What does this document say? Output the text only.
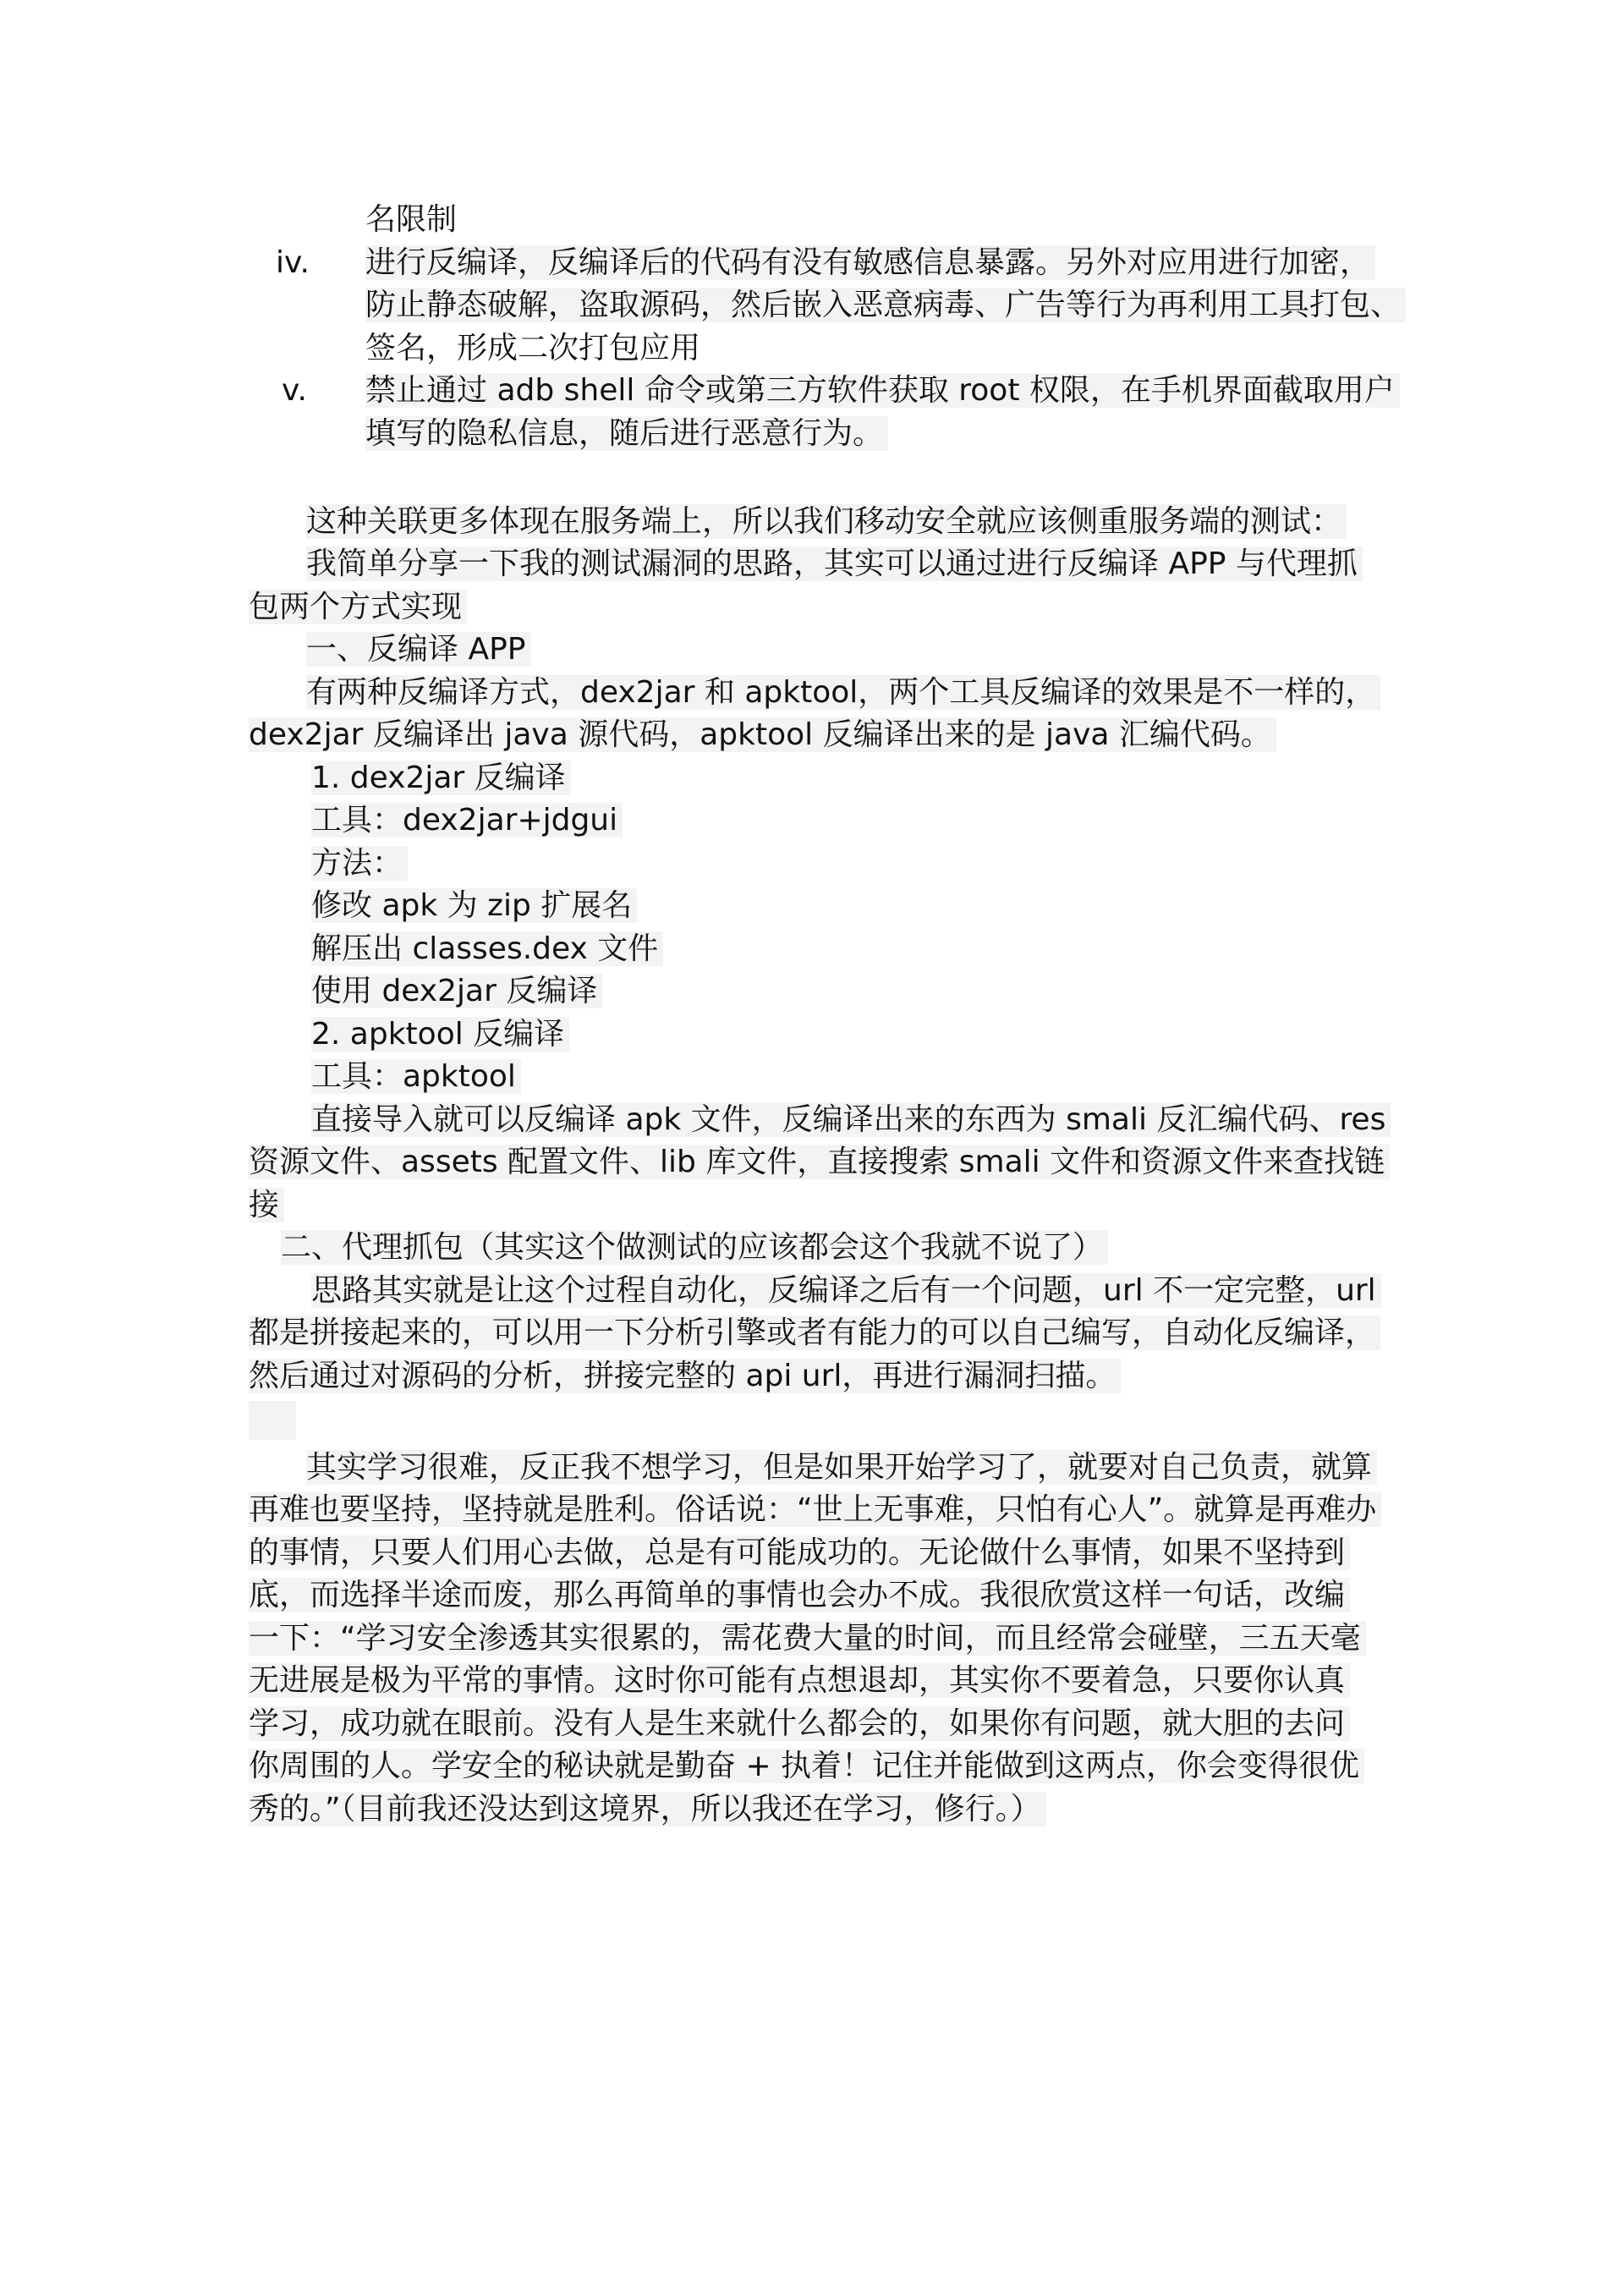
名限制
iv. 进行反编译，反编译后的代码有没有敏感信息暴露。另外对应用进行加密，
防止静态破解，盗取源码，然后嵌入恶意病毒、广告等行为再利用工具打包、
签名，形成二次打包应用
v. 禁止通过 adb shell 命令或第三方软件获取 root 权限，在手机界面截取用户
填写的隐私信息，随后进行恶意行为。
这种关联更多体现在服务端上，所以我们移动安全就应该侧重服务端的测试：
我简单分享一下我的测试漏洞的思路，其实可以通过进行反编译 APP 与代理抓
包两个方式实现
一、反编译 APP
有两种反编译方式，dex2jar 和 apktool，两个工具反编译的效果是不一样的，
dex2jar 反编译出 java 源代码，apktool 反编译出来的是 java 汇编代码。
1. dex2jar 反编译
工具：dex2jar+jdgui
方法：
修改 apk 为 zip 扩展名
解压出 classes.dex 文件
使用 dex2jar 反编译
2. apktool 反编译
工具：apktool
直接导入就可以反编译 apk 文件，反编译出来的东西为 smali 反汇编代码、res
资源文件、assets 配置文件、lib 库文件，直接搜索 smali 文件和资源文件来查找链
接
二、代理抓包（其实这个做测试的应该都会这个我就不说了）
思路其实就是让这个过程自动化，反编译之后有一个问题，url 不一定完整，url
都是拼接起来的，可以用一下分析引擎或者有能力的可以自己编写，自动化反编译，
然后通过对源码的分析，拼接完整的 api url，再进行漏洞扫描。
其实学习很难，反正我不想学习，但是如果开始学习了，就要对自己负责，就算
再难也要坚持，坚持就是胜利。俗话说：“世上无事难，只怕有心人”。就算是再难办
的事情，只要人们用心去做，总是有可能成功的。无论做什么事情，如果不坚持到
底，而选择半途而废，那么再简单的事情也会办不成。我很欣赏这样一句话，改编
一下：“学习安全渗透其实很累的，需花费大量的时间，而且经常会碰壁，三五天毫
无进展是极为平常的事情。这时你可能有点想退却，其实你不要着急，只要你认真
学习，成功就在眼前。没有人是生来就什么都会的，如果你有问题，就大胆的去问
你周围的人。学安全的秘诀就是勤奋 + 执着！记住并能做到这两点，你会变得很优
秀的。”（目前我还没达到这境界，所以我还在学习，修行。）
